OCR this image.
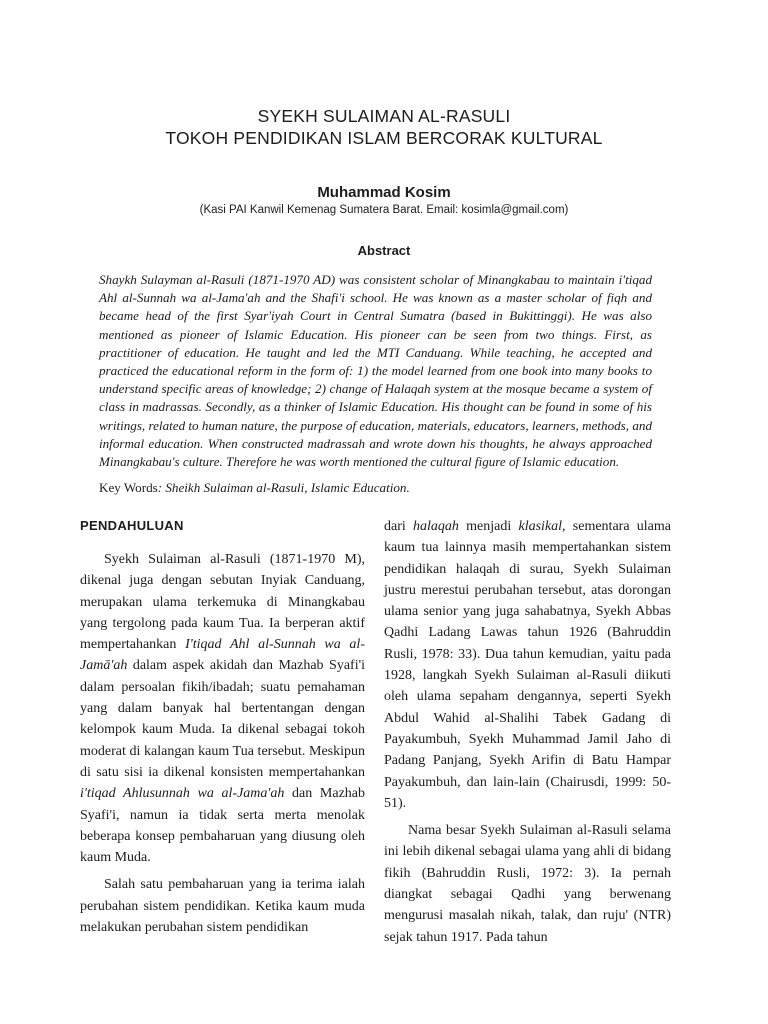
SYEKH SULAIMAN AL-RASULI
TOKOH PENDIDIKAN ISLAM BERCORAK KULTURAL
Muhammad Kosim
(Kasi PAI Kanwil Kemenag Sumatera Barat. Email: kosimla@gmail.com)
Abstract

Shaykh Sulayman al-Rasuli (1871-1970 AD) was consistent scholar of Minangkabau to maintain i'tiqad Ahl al-Sunnah wa al-Jama'ah and the Shafi'i school. He was known as a master scholar of fiqh and became head of the first Syar'iyah Court in Central Sumatra (based in Bukittinggi). He was also mentioned as pioneer of Islamic Education. His pioneer can be seen from two things. First, as practitioner of education. He taught and led the MTI Canduang. While teaching, he accepted and practiced the educational reform in the form of: 1) the model learned from one book into many books to understand specific areas of knowledge; 2) change of Halaqah system at the mosque became a system of class in madrassas. Secondly, as a thinker of Islamic Education. His thought can be found in some of his writings, related to human nature, the purpose of education, materials, educators, learners, methods, and informal education. When constructed madrassah and wrote down his thoughts, he always approached Minangkabau's culture. Therefore he was worth mentioned the cultural figure of Islamic education.

Key Words: Sheikh Sulaiman al-Rasuli, Islamic Education.

PENDAHULUAN

Syekh Sulaiman al-Rasuli (1871-1970 M), dikenal juga dengan sebutan Inyiak Canduang, merupakan ulama terkemuka di Minangkabau yang tergolong pada kaum Tua. Ia berperan aktif mempertahankan I'tiqad Ahl al-Sunnah wa al-Jamā'ah dalam aspek akidah dan Mazhab Syafi'i dalam persoalan fikih/ibadah; suatu pemahaman yang dalam banyak hal bertentangan dengan kelompok kaum Muda. Ia dikenal sebagai tokoh moderat di kalangan kaum Tua tersebut. Meskipun di satu sisi ia dikenal konsisten mempertahankan i'tiqad Ahlusunnah wa al-Jama'ah dan Mazhab Syafi'i, namun ia tidak serta merta menolak beberapa konsep pembaharuan yang diusung oleh kaum Muda.

Salah satu pembaharuan yang ia terima ialah perubahan sistem pendidikan. Ketika kaum muda melakukan perubahan sistem pendidikan

dari halaqah menjadi klasikal, sementara ulama kaum tua lainnya masih mempertahankan sistem pendidikan halaqah di surau, Syekh Sulaiman justru merestui perubahan tersebut, atas dorongan ulama senior yang juga sahabatnya, Syekh Abbas Qadhi Ladang Lawas tahun 1926 (Bahruddin Rusli, 1978: 33). Dua tahun kemudian, yaitu pada 1928, langkah Syekh Sulaiman al-Rasuli diikuti oleh ulama sepaham dengannya, seperti Syekh Abdul Wahid al-Shalihi Tabek Gadang di Payakumbuh, Syekh Muhammad Jamil Jaho di Padang Panjang, Syekh Arifin di Batu Hampar Payakumbuh, dan lain-lain (Chairusdi, 1999: 50-51).

Nama besar Syekh Sulaiman al-Rasuli selama ini lebih dikenal sebagai ulama yang ahli di bidang fikih (Bahruddin Rusli, 1972: 3). Ia pernah diangkat sebagai Qadhi yang berwenang mengurusi masalah nikah, talak, dan ruju' (NTR) sejak tahun 1917. Pada tahun
